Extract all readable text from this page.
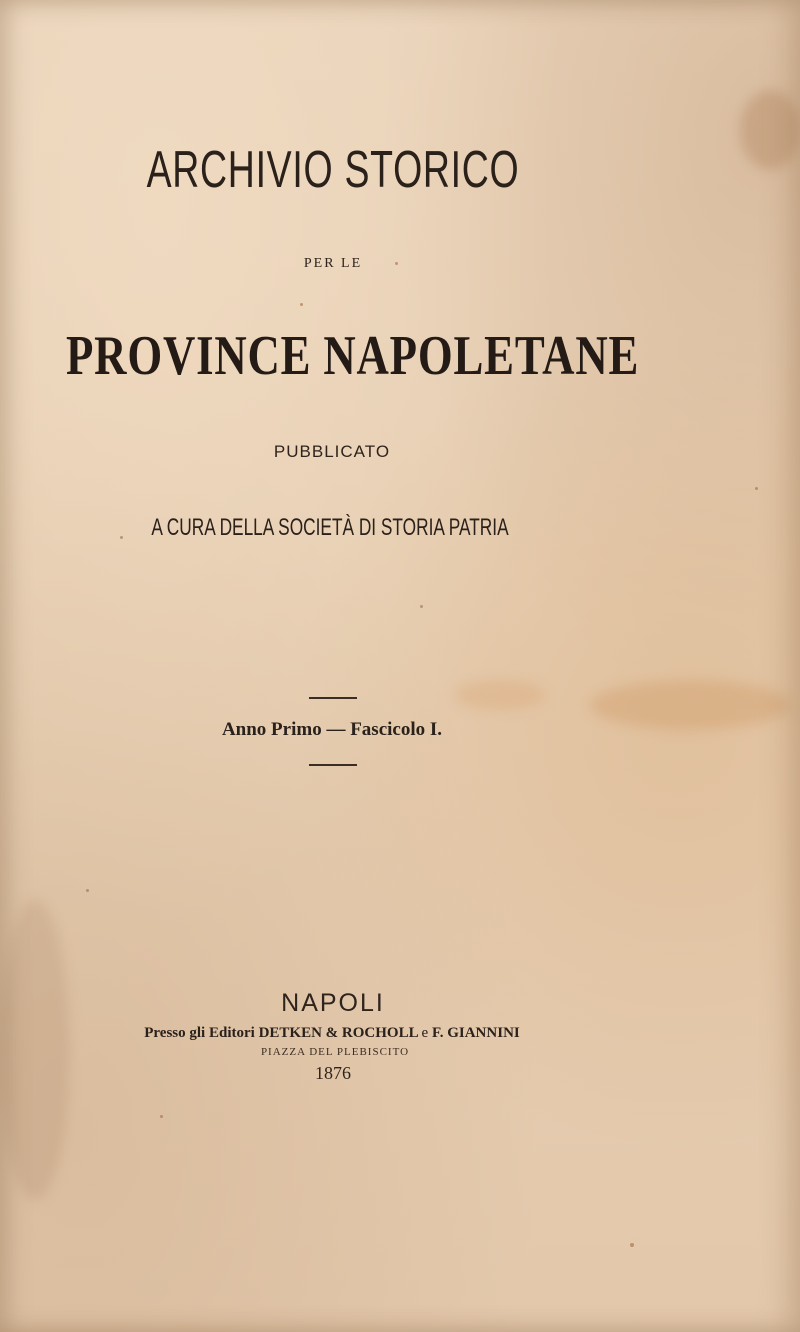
ARCHIVIO STORICO
PER LE
PROVINCE NAPOLETANE
PUBBLICATO
A CURA DELLA SOCIETÀ DI STORIA PATRIA
Anno Primo — Fascicolo I.
NAPOLI
Presso gli Editori DETKEN & ROCHOLL e F. GIANNINI
PIAZZA DEL PLEBISCITO
1876
